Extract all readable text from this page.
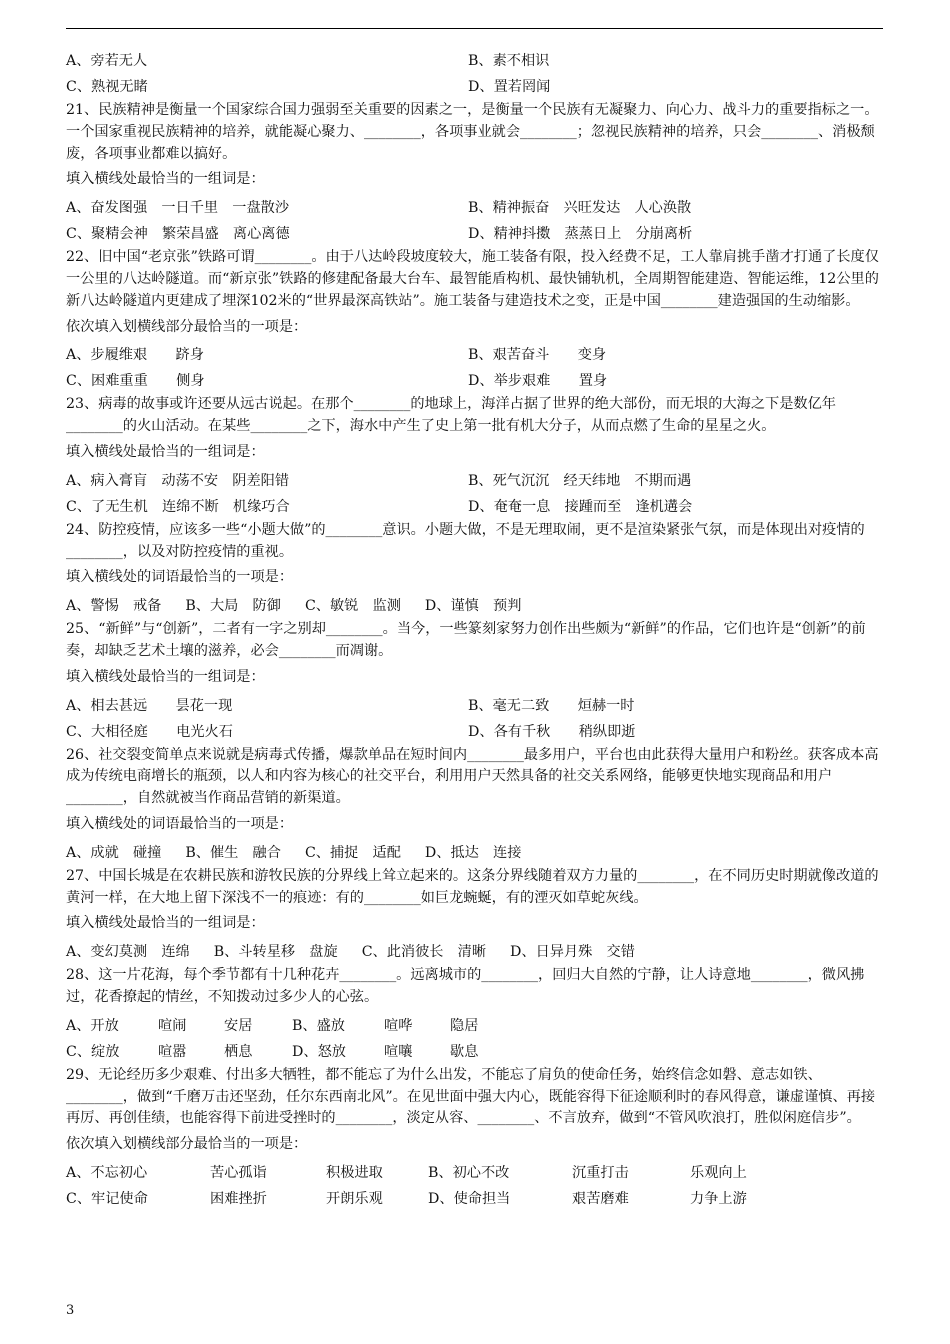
A、旁若无人	B、素不相识
C、熟视无睹	D、置若罔闻

21、民族精神是衡量一个国家综合国力强弱至关重要的因素之一，是衡量一个民族有无凝聚力、向心力、战斗力的重要指标之一。一个国家重视民族精神的培养，就能凝心聚力、________，各项事业就会________；忽视民族精神的培养，只会________、消极颓废，各项事业都难以搞好。

填入横线处最恰当的一组词是：

A、奋发图强　一日千里　一盘散沙	B、精神振奋　兴旺发达　人心涣散
C、聚精会神　繁荣昌盛　离心离德	D、精神抖擞　蒸蒸日上　分崩离析

22、旧中国“老京张”铁路可谓________。由于八达岭段坡度较大，施工装备有限，投入经费不足，工人靠肩挑手凿才打通了长度仅一公里的八达岭隧道。而“新京张”铁路的修建配备最大台车、最智能盾构机、最快铺轨机，全周期智能建造、智能运维，12公里的新八达岭隧道内更建成了埋深102米的“世界最深高铁站”。施工装备与建造技术之变，正是中国________建造强国的生动缩影。

依次填入划横线部分最恰当的一项是：

A、步履维艰　　跻身	B、艰苦奋斗　　变身
C、困难重重　　侧身	D、举步艰难　　置身

23、病毒的故事或许还要从远古说起。在那个________的地球上，海洋占据了世界的绝大部份，而无垠的大海之下是数亿年________的火山活动。在某些________之下，海水中产生了史上第一批有机大分子，从而点燃了生命的星星之火。

填入横线处最恰当的一组词是：

A、病入膏肓　动荡不安　阴差阳错	B、死气沉沉　经天纬地　不期而遇
C、了无生机　连绵不断　机缘巧合	D、奄奄一息　接踵而至　逢机遘会

24、防控疫情，应该多一些“小题大做”的________意识。小题大做，不是无理取闹，更不是渲染紧张气氛，而是体现出对疫情的________，以及对防控疫情的重视。

填入横线处的词语最恰当的一项是：

A、警惕　戒备 B、大局　防御 C、敏锐　监测 D、谨慎　预判

25、“新鲜”与“创新”，二者有一字之别却________。当今，一些篆刻家努力创作出些颇为“新鲜”的作品，它们也许是“创新”的前奏，却缺乏艺术土壤的滋养，必会________而凋谢。

填入横线处最恰当的一组词是：

A、相去甚远　　昙花一现	B、毫无二致　　烜赫一时
C、大相径庭　　电光火石	D、各有千秋　　稍纵即逝

26、社交裂变简单点来说就是病毒式传播，爆款单品在短时间内________最多用户，平台也由此获得大量用户和粉丝。获客成本高成为传统电商增长的瓶颈，以人和内容为核心的社交平台，利用用户天然具备的社交关系网络，能够更快地实现商品和用户________，自然就被当作商品营销的新渠道。

填入横线处的词语最恰当的一项是：

A、成就　碰撞 B、催生　融合 C、捕捉　适配 D、抵达　连接

27、中国长城是在农耕民族和游牧民族的分界线上耸立起来的。这条分界线随着双方力量的________，在不同历史时期就像改道的黄河一样，在大地上留下深浅不一的痕迹：有的________如巨龙蜿蜒，有的湮灭如草蛇灰线。

填入横线处最恰当的一组词是：

A、变幻莫测　连绵 B、斗转星移　盘旋 C、此消彼长　清晰 D、日异月殊　交错

28、这一片花海，每个季节都有十几种花卉________。远离城市的________，回归大自然的宁静，让人诗意地________，微风拂过，花香撩起的情丝，不知拨动过多少人的心弦。

A、开放	喧闹	安居	B、盛放	喧哗	隐居
C、绽放	喧嚣	栖息	D、怒放	喧嚷	歇息

29、无论经历多少艰难、付出多大牺牲，都不能忘了为什么出发，不能忘了肩负的使命任务，始终信念如磐、意志如铁、________，做到“千磨万击还坚劲，任尔东西南北风”。在见世面中强大内心，既能容得下征途顺利时的春风得意，谦虚谨慎、再接再厉、再创佳绩，也能容得下前进受挫时的________，淡定从容、________、不言放弃，做到“不管风吹浪打，胜似闲庭信步”。

依次填入划横线部分最恰当的一项是：

A、不忘初心	苦心孤诣	积极进取	B、初心不改	沉重打击	乐观向上
C、牢记使命	困难挫折	开朗乐观	D、使命担当	艰苦磨难	力争上游
3
